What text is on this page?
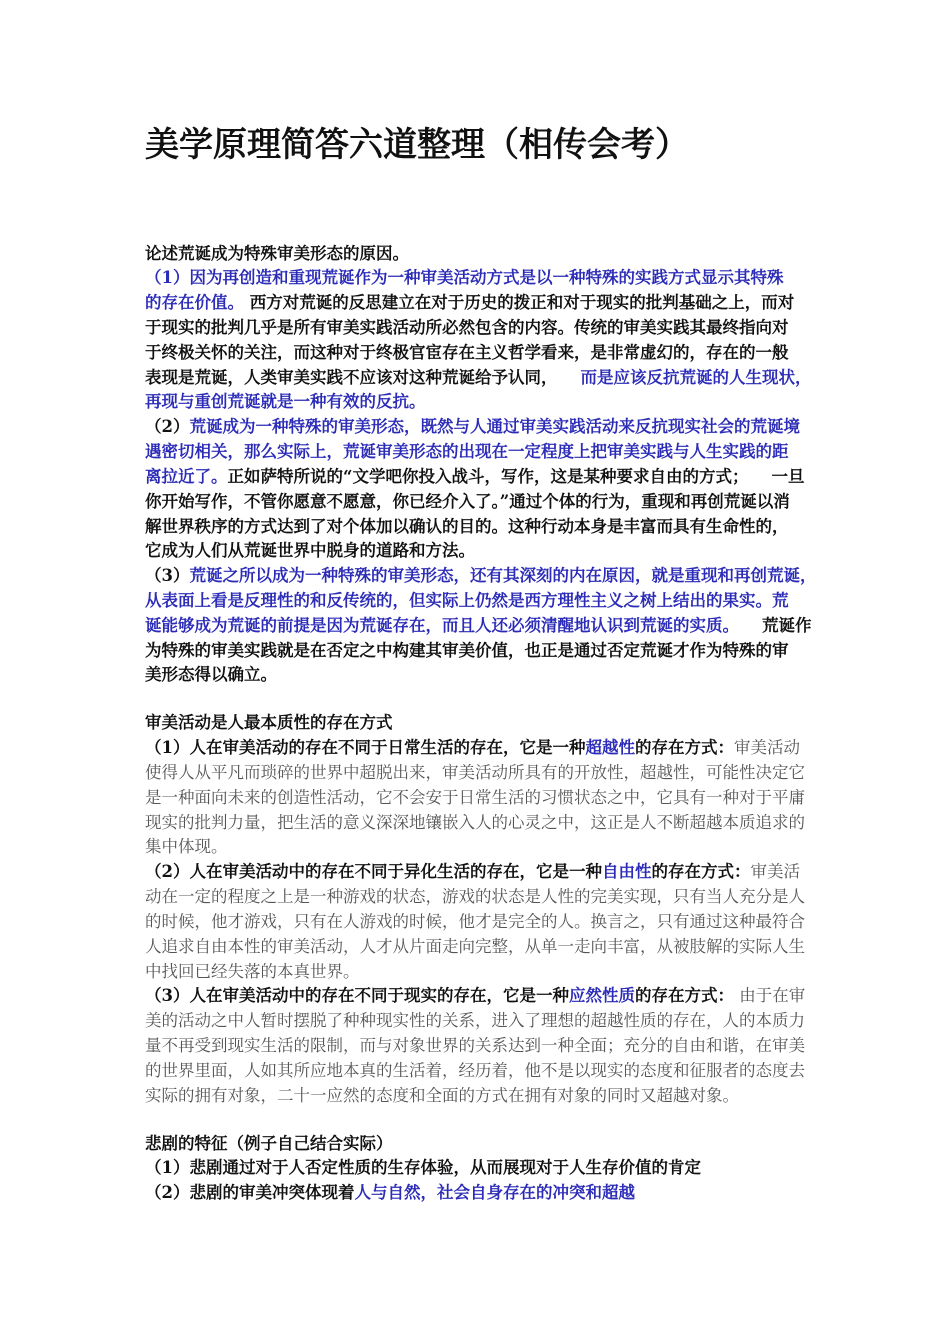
美学原理简答六道整理（相传会考）
论述荒诞成为特殊审美形态的原因。
（1）因为再创造和重现荒诞作为一种审美活动方式是以一种特殊的实践方式显示其特殊
的存在价值。 西方对荒诞的反思建立在对于历史的拨正和对于现实的批判基础之上，而对
于现实的批判几乎是所有审美实践活动所必然包含的内容。传统的审美实践其最终指向对
于终极关怀的关注，而这种对于终极官宦存在主义哲学看来，是非常虚幻的，存在的一般
表现是荒诞，人类审美实践不应该对这种荒诞给予认同，    而是应该反抗荒诞的人生现状，
再现与重创荒诞就是一种有效的反抗。
（2）荒诞成为一种特殊的审美形态，既然与人通过审美实践活动来反抗现实社会的荒诞境
遇密切相关，那么实际上，荒诞审美形态的出现在一定程度上把审美实践与人生实践的距
离拉近了。正如萨特所说的“文学吧你投入战斗，写作，这是某种要求自由的方式；    一旦
你开始写作，不管你愿意不愿意，你已经介入了。”通过个体的行为，重现和再创荒诞以消
解世界秩序的方式达到了对个体加以确认的目的。这种行动本身是丰富而具有生命性的，
它成为人们从荒诞世界中脱身的道路和方法。
（3）荒诞之所以成为一种特殊的审美形态，还有其深刻的内在原因，就是重现和再创荒诞，
从表面上看是反理性的和反传统的，但实际上仍然是西方理性主义之树上结出的果实。荒
诞能够成为荒诞的前提是因为荒诞存在，而且人还必须清醒地认识到荒诞的实质。    荒诞作
为特殊的审美实践就是在否定之中构建其审美价值，也正是通过否定荒诞才作为特殊的审
美形态得以确立。
审美活动是人最本质性的存在方式
（1）人在审美活动的存在不同于日常生活的存在，它是一种超越性的存在方式：审美活动
使得人从平凡而琐碎的世界中超脱出来，审美活动所具有的开放性，超越性，可能性决定它
是一种面向未来的创造性活动，它不会安于日常生活的习惯状态之中，它具有一种对于平庸
现实的批判力量，把生活的意义深深地镶嵌入人的心灵之中，这正是人不断超越本质追求的
集中体现。
（2）人在审美活动中的存在不同于异化生活的存在，它是一种自由性的存在方式：审美活
动在一定的程度之上是一种游戏的状态，游戏的状态是人性的完美实现，只有当人充分是人
的时候，他才游戏，只有在人游戏的时候，他才是完全的人。换言之，只有通过这种最符合
人追求自由本性的审美活动，人才从片面走向完整，从单一走向丰富，从被肢解的实际人生
中找回已经失落的本真世界。
（3）人在审美活动中的存在不同于现实的存在，它是一种应然性质的存在方式： 由于在审
美的活动之中人暂时摆脱了种种现实性的关系，进入了理想的超越性质的存在，人的本质力
量不再受到现实生活的限制，而与对象世界的关系达到一种全面；充分的自由和谐，在审美
的世界里面，人如其所应地本真的生活着，经历着，他不是以现实的态度和征服者的态度去
实际的拥有对象，二十一应然的态度和全面的方式在拥有对象的同时又超越对象。
悲剧的特征（例子自己结合实际）
（1）悲剧通过对于人否定性质的生存体验，从而展现对于人生存价值的肯定
（2）悲剧的审美冲突体现着人与自然，社会自身存在的冲突和超越
